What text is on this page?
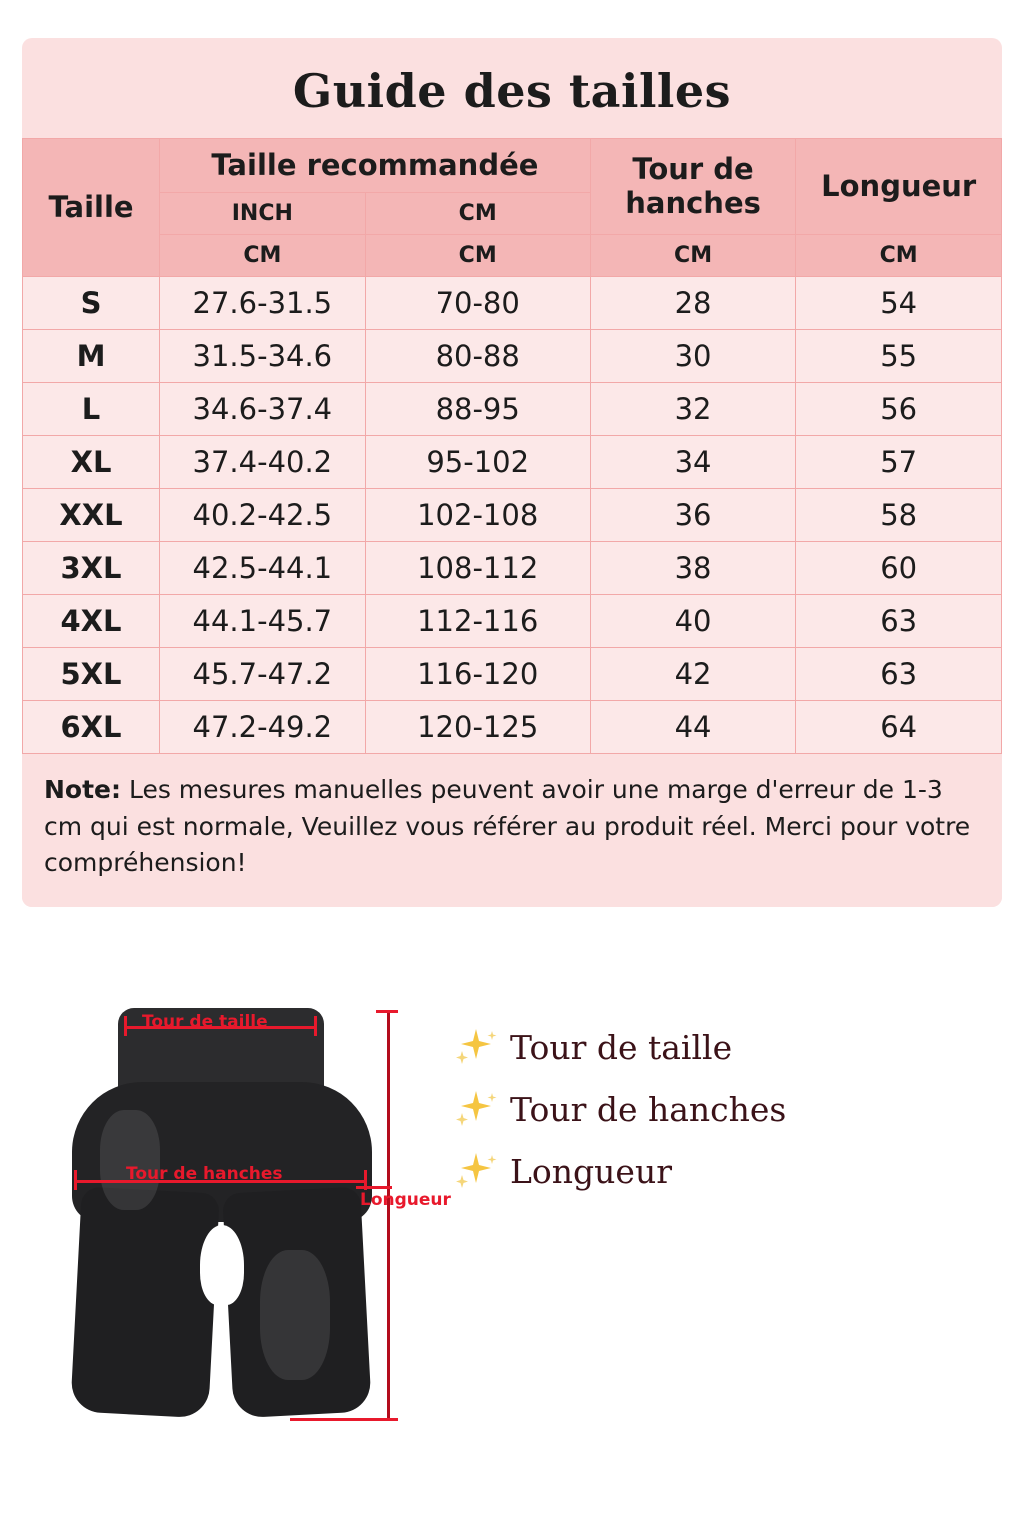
Guide des tailles
Taille	Taille recommandée		Tour de hanches	Longueur
	INCH	CM		
	CM	CM	CM	CM
S	27.6-31.5	70-80	28	54
M	31.5-34.6	80-88	30	55
L	34.6-37.4	88-95	32	56
XL	37.4-40.2	95-102	34	57
XXL	40.2-42.5	102-108	36	58
3XL	42.5-44.1	108-112	38	60
4XL	44.1-45.7	112-116	40	63
5XL	45.7-47.2	116-120	42	63
6XL	47.2-49.2	120-125	44	64
Note: Les mesures manuelles peuvent avoir une marge d'erreur de 1-3 cm qui est normale, Veuillez vous référer au produit réel. Merci pour votre compréhension!
Tour de taille
Tour de hanches
Longueur
Tour de taille
Tour de hanches
Longueur
